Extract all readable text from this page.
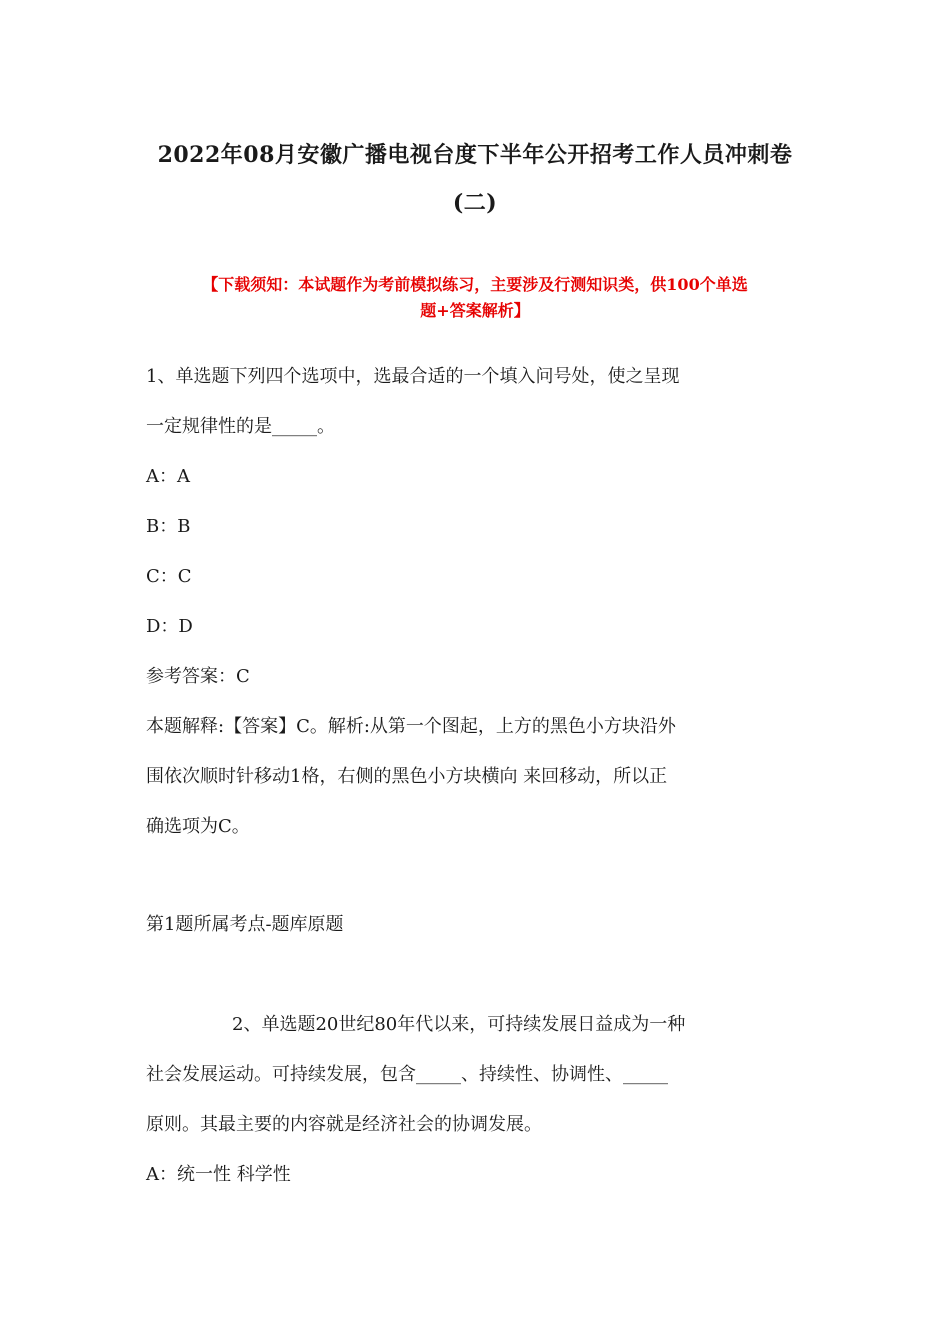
2022年08月安徽广播电视台度下半年公开招考工作人员冲刺卷
(二)
【下载须知：本试题作为考前模拟练习，主要涉及行测知识类，供100个单选
题+答案解析】
1、单选题下列四个选项中，选最合适的一个填入问号处，使之呈现
一定规律性的是_____。
A：A
B：B
C：C
D：D
参考答案：C
本题解释:【答案】C。解析:从第一个图起，上方的黑色小方块沿外
围依次顺时针移动1格，右侧的黑色小方块横向 来回移动，所以正
确选项为C。
第1题所属考点-题库原题
2、单选题20世纪80年代以来，可持续发展日益成为一种
社会发展运动。可持续发展，包含_____、持续性、协调性、_____
原则。其最主要的内容就是经济社会的协调发展。
A：统一性 科学性
